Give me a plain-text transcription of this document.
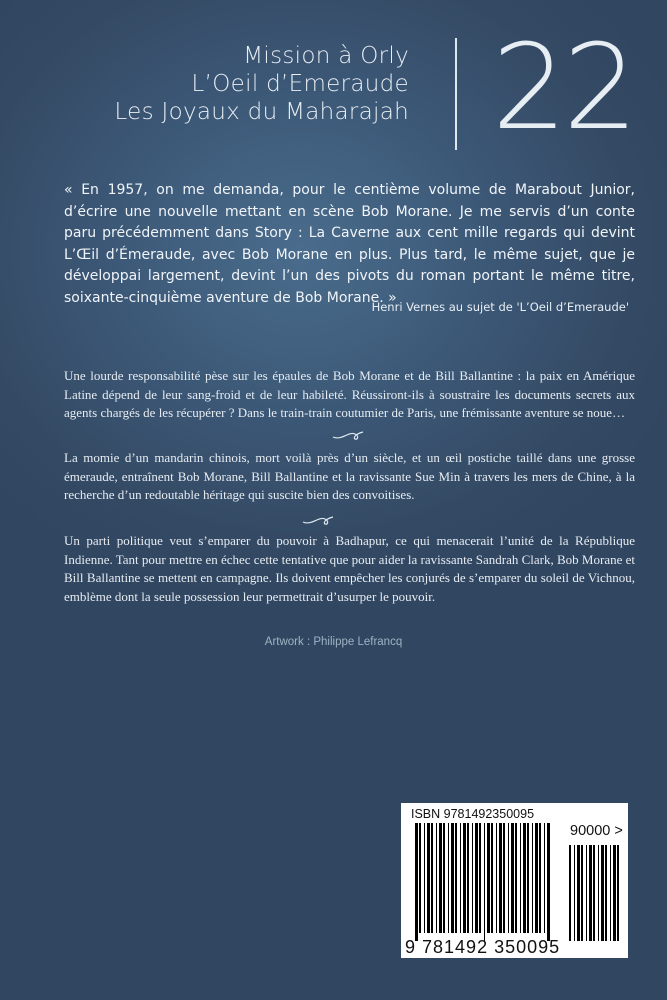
Mission à Orly
L’Oeil d’Emeraude
Les Joyaux du Maharajah 22
« En 1957, on me demanda, pour le centième volume de Marabout Junior, d’écrire une nouvelle mettant en scène Bob Morane. Je me servis d’un conte paru précédemment dans Story : La Caverne aux cent mille regards qui devint L’Œil d’Émeraude, avec Bob Morane en plus. Plus tard, le même sujet, que je développai largement, devint l’un des pivots du roman portant le même titre, soixante-cinquième aventure de Bob Morane. »
Henri Vernes au sujet de 'L’Oeil d’Emeraude'
Une lourde responsabilité pèse sur les épaules de Bob Morane et de Bill Ballantine : la paix en Amérique Latine dépend de leur sang-froid et de leur habileté. Réussiront-ils à soustraire les documents secrets aux agents chargés de les récupérer ? Dans le train-train coutumier de Paris, une frémissante aventure se noue…
La momie d’un mandarin chinois, mort voilà près d’un siècle, et un œil postiche taillé dans une grosse émeraude, entraînent Bob Morane, Bill Ballantine et la ravissante Sue Min à travers les mers de Chine, à la recherche d’un redoutable héritage qui suscite bien des convoitises.
Un parti politique veut s’emparer du pouvoir à Badhapur, ce qui menacerait l’unité de la République Indienne. Tant pour mettre en échec cette tentative que pour aider la ravissante Sandrah Clark, Bob Morane et Bill Ballantine se mettent en campagne. Ils doivent empêcher les conjurés de s’emparer du soleil de Vichnou, emblème dont la seule possession leur permettrait d’usurper le pouvoir.
Artwork : Philippe Lefrancq
ISBN 9781492350095
90000 >
9 781492 350095
